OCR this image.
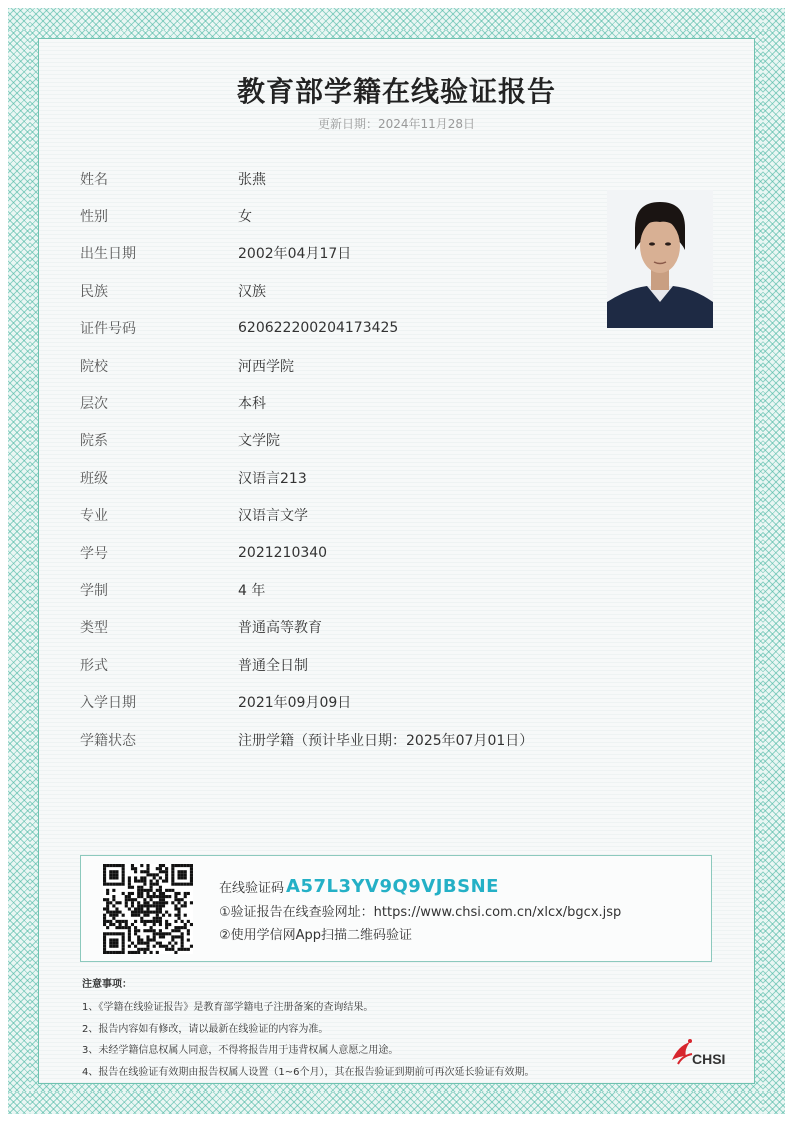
教育部学籍在线验证报告
更新日期：2024年11月28日
姓名	张燕
性别	女
出生日期	2002年04月17日
民族	汉族
证件号码	620622200204173425
院校	河西学院
层次	本科
院系	文学院
班级	汉语言213
专业	汉语言文学
学号	2021210340
学制	4 年
类型	普通高等教育
形式	普通全日制
入学日期	2021年09月09日
学籍状态	注册学籍（预计毕业日期：2025年07月01日）
在线验证码 A57L3YV9Q9VJBSNE
①验证报告在线查验网址：https://www.chsi.com.cn/xlcx/bgcx.jsp
②使用学信网App扫描二维码验证
注意事项：
1、《学籍在线验证报告》是教育部学籍电子注册备案的查询结果。
2、报告内容如有修改，请以最新在线验证的内容为准。
3、未经学籍信息权属人同意，不得将报告用于违背权属人意愿之用途。
4、报告在线验证有效期由报告权属人设置（1~6个月），其在报告验证到期前可再次延长验证有效期。
CHSI
